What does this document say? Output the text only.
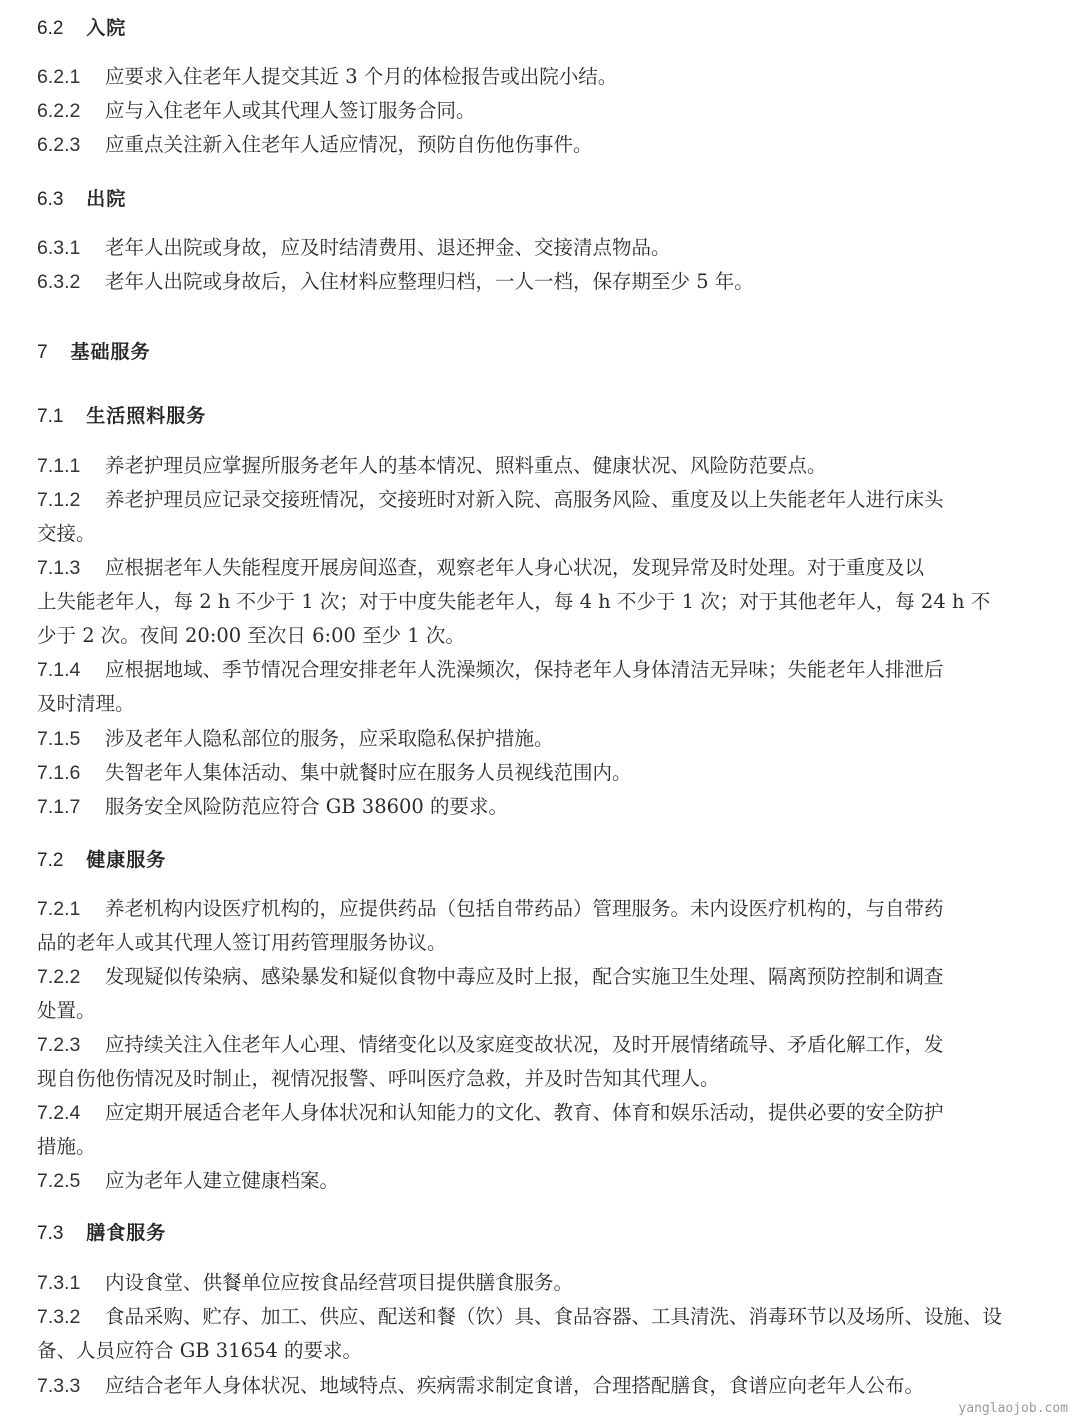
6.2 入院
6.2.1 应要求入住老年人提交其近 3 个月的体检报告或出院小结。
6.2.2 应与入住老年人或其代理人签订服务合同。
6.2.3 应重点关注新入住老年人适应情况，预防自伤他伤事件。
6.3 出院
6.3.1 老年人出院或身故，应及时结清费用、退还押金、交接清点物品。
6.3.2 老年人出院或身故后，入住材料应整理归档，一人一档，保存期至少 5 年。
7 基础服务
7.1 生活照料服务
7.1.1 养老护理员应掌握所服务老年人的基本情况、照料重点、健康状况、风险防范要点。
7.1.2 养老护理员应记录交接班情况，交接班时对新入院、高服务风险、重度及以上失能老年人进行床头
交接。
7.1.3 应根据老年人失能程度开展房间巡查，观察老年人身心状况，发现异常及时处理。对于重度及以
上失能老年人，每 2 h 不少于 1 次；对于中度失能老年人，每 4 h 不少于 1 次；对于其他老年人，每 24 h 不
少于 2 次。夜间 20:00 至次日 6:00 至少 1 次。
7.1.4 应根据地域、季节情况合理安排老年人洗澡频次，保持老年人身体清洁无异味；失能老年人排泄后
及时清理。
7.1.5 涉及老年人隐私部位的服务，应采取隐私保护措施。
7.1.6 失智老年人集体活动、集中就餐时应在服务人员视线范围内。
7.1.7 服务安全风险防范应符合 GB 38600 的要求。
7.2 健康服务
7.2.1 养老机构内设医疗机构的，应提供药品（包括自带药品）管理服务。未内设医疗机构的，与自带药
品的老年人或其代理人签订用药管理服务协议。
7.2.2 发现疑似传染病、感染暴发和疑似食物中毒应及时上报，配合实施卫生处理、隔离预防控制和调查
处置。
7.2.3 应持续关注入住老年人心理、情绪变化以及家庭变故状况，及时开展情绪疏导、矛盾化解工作，发
现自伤他伤情况及时制止，视情况报警、呼叫医疗急救，并及时告知其代理人。
7.2.4 应定期开展适合老年人身体状况和认知能力的文化、教育、体育和娱乐活动，提供必要的安全防护
措施。
7.2.5 应为老年人建立健康档案。
7.3 膳食服务
7.3.1 内设食堂、供餐单位应按食品经营项目提供膳食服务。
7.3.2 食品采购、贮存、加工、供应、配送和餐（饮）具、食品容器、工具清洗、消毒环节以及场所、设施、设
备、人员应符合 GB 31654 的要求。
7.3.3 应结合老年人身体状况、地域特点、疾病需求制定食谱，合理搭配膳食，食谱应向老年人公布。
yanglaojob.com
